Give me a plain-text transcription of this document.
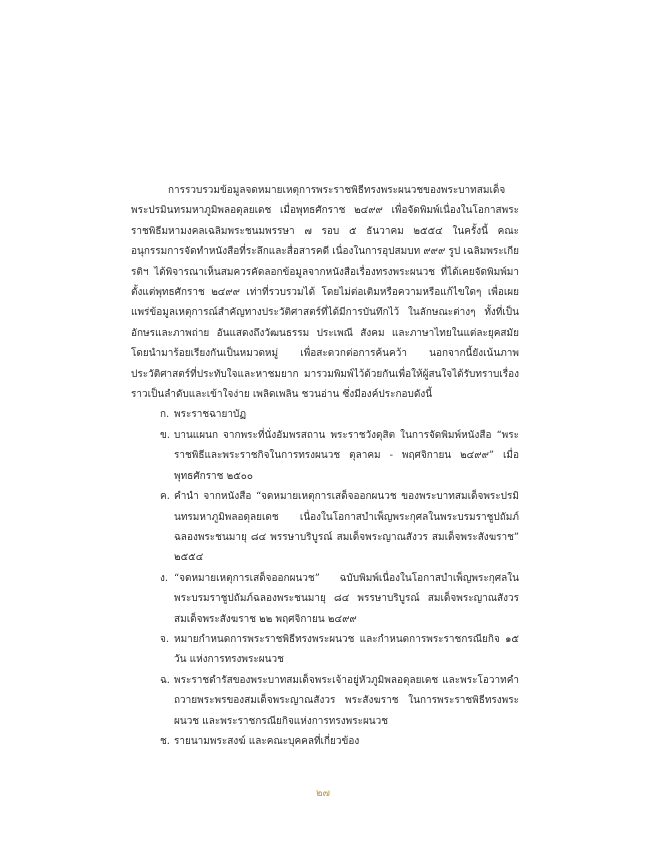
การรวบรวมข้อมูลจดหมายเหตุการพระราชพิธีทรงพระผนวชของพระบาทสมเด็จพระปรมินทรมหาภูมิพลอดุลยเดช เมื่อพุทธศักราช ๒๔๙๙ เพื่อจัดพิมพ์เนื่องในโอกาสพระราชพิธีมหามงคลเฉลิมพระชนมพรรษา ๗ รอบ ๕ ธันวาคม ๒๕๕๔ ในครั้งนี้ คณะอนุกรรมการจัดทำหนังสือที่ระลึกและสื่อสารคดี เนื่องในการอุปสมบท ๙๙๙ รูป เฉลิมพระเกียรติฯ ได้พิจารณาเห็นสมควรคัดลอกข้อมูลจากหนังสือเรื่องทรงพระผนวช ที่ได้เคยจัดพิมพ์มาตั้งแต่พุทธศักราช ๒๔๙๙ เท่าที่รวบรวมได้ โดยไม่ต่อเติมหรือความหรือแก้ไขใดๆ เพื่อเผยแพร่ข้อมูลเหตุการณ์สำคัญทางประวัติศาสตร์ที่ได้มีการบันทึกไว้ ในลักษณะต่างๆ ทั้งที่เป็นอักษรและภาพถ่าย อันแสดงถึงวัฒนธรรม ประเพณี สังคม และภาษาไทยในแต่ละยุคสมัย โดยนำมาร้อยเรียงกันเป็นหมวดหมู่ เพื่อสะดวกต่อการค้นคว้า นอกจากนี้ยังเน้นภาพประวัติศาสตร์ที่ประทับใจและหาชมยาก มารวมพิมพ์ไว้ด้วยกันเพื่อให้ผู้สนใจได้รับทราบเรื่องราวเป็นลำดับและเข้าใจง่าย เพลิดเพลิน ชวนอ่าน ซึ่งมีองค์ประกอบดังนี้

ก. พระราชฉายาบัฏ
ข. บานแผนก จากพระที่นั่งอัมพรสถาน พระราชวังดุสิต ในการจัดพิมพ์หนังสือ “พระราชพิธีและพระราชกิจในการทรงผนวช ตุลาคม - พฤศจิกายน ๒๔๙๙” เมื่อพุทธศักราช ๒๕๐๐
ค. คำนำ จากหนังสือ “จดหมายเหตุการเสด็จออกผนวช ของพระบาทสมเด็จพระปรมินทรมหาภูมิพลอดุลยเดช เนื่องในโอกาสบำเพ็ญพระกุศลในพระบรมราชูปถัมภ์ฉลองพระชนมายุ ๘๔ พรรษาบริบูรณ์ สมเด็จพระญาณสังวร สมเด็จพระสังฆราช” ๒๕๕๔
ง. “จดหมายเหตุการเสด็จออกผนวช” ฉบับพิมพ์เนื่องในโอกาสบำเพ็ญพระกุศลในพระบรมราชูปถัมภ์ฉลองพระชนมายุ ๘๔ พรรษาบริบูรณ์ สมเด็จพระญาณสังวร สมเด็จพระสังฆราช ๒๒ พฤศจิกายน ๒๔๙๙
จ. หมายกำหนดการพระราชพิธีทรงพระผนวช และกำหนดการพระราชกรณียกิจ ๑๕ วัน แห่งการทรงพระผนวช
ฉ. พระราชดำรัสของพระบาทสมเด็จพระเจ้าอยู่หัวภูมิพลอดุลยเดช และพระโอวาทคำถวายพระพรของสมเด็จพระญาณสังวร พระสังฆราช ในการพระราชพิธีทรงพระผนวช และพระราชกรณียกิจแห่งการทรงพระผนวช
ช. รายนามพระสงฆ์ และคณะบุคคลที่เกี่ยวข้อง
๒๗
